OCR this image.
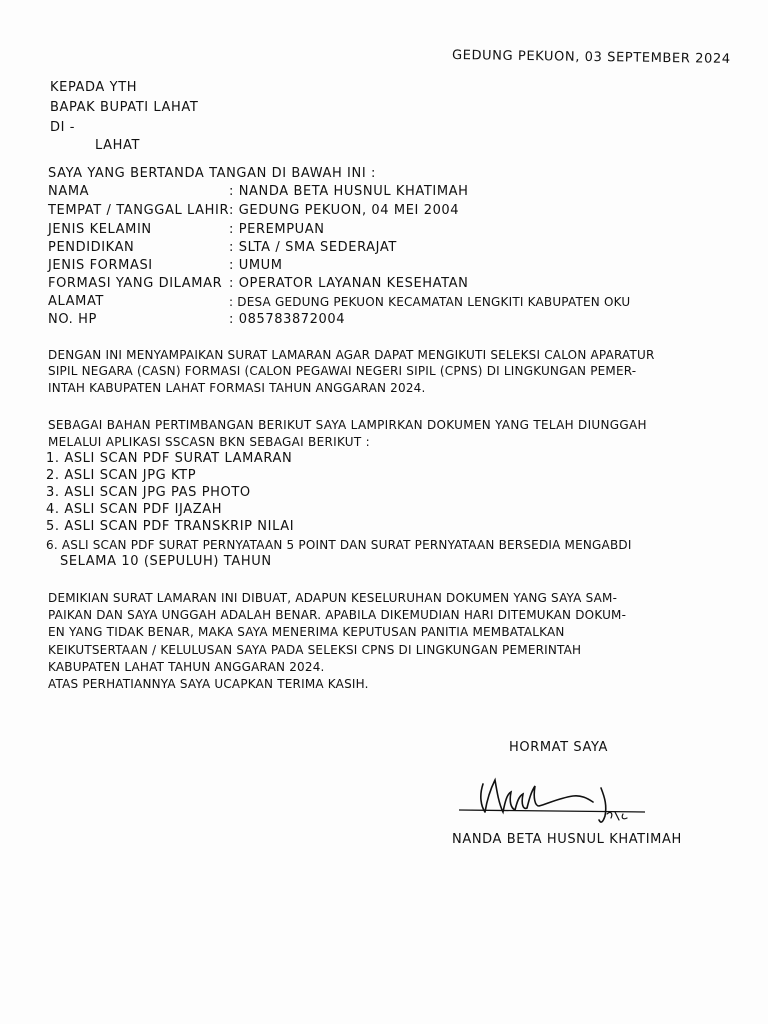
GEDUNG PEKUON, 03 SEPTEMBER 2024
KEPADA YTH
BAPAK BUPATI LAHAT
DI -
LAHAT
SAYA YANG BERTANDA TANGAN DI BAWAH INI :
NAMA	: NANDA BETA HUSNUL KHATIMAH
TEMPAT / TANGGAL LAHIR : GEDUNG PEKUON, 04 MEI 2004
JENIS KELAMIN	: PEREMPUAN
PENDIDIKAN	: SLTA / SMA SEDERAJAT
JENIS FORMASI	: UMUM
FORMASI YANG DILAMAR : OPERATOR LAYANAN KESEHATAN
ALAMAT	: DESA GEDUNG PEKUON KECAMATAN LENGKITI KABUPATEN OKU
NO. HP	: 085783872004
DENGAN INI MENYAMPAIKAN SURAT LAMARAN AGAR DAPAT MENGIKUTI SELEKSI CALON APARATUR
SIPIL NEGARA (CASN) FORMASI (CALON PEGAWAI NEGERI SIPIL (CPNS) DI LINGKUNGAN PEMER-
INTAH KABUPATEN LAHAT FORMASI TAHUN ANGGARAN 2024.
SEBAGAI BAHAN PERTIMBANGAN BERIKUT SAYA LAMPIRKAN DOKUMEN YANG TELAH DIUNGGAH
MELALUI APLIKASI SSCASN BKN SEBAGAI BERIKUT :
1. ASLI SCAN PDF SURAT LAMARAN
2. ASLI SCAN JPG KTP
3. ASLI SCAN JPG PAS PHOTO
4. ASLI SCAN PDF IJAZAH
5. ASLI SCAN PDF TRANSKRIP NILAI
6. ASLI SCAN PDF SURAT PERNYATAAN 5 POINT DAN SURAT PERNYATAAN BERSEDIA MENGABDI
SELAMA 10 (SEPULUH) TAHUN
DEMIKIAN SURAT LAMARAN INI DIBUAT, ADAPUN KESELURUHAN DOKUMEN YANG SAYA SAM-
PAIKAN DAN SAYA UNGGAH ADALAH BENAR. APABILA DIKEMUDIAN HARI DITEMUKAN DOKUM-
EN YANG TIDAK BENAR, MAKA SAYA MENERIMA KEPUTUSAN PANITIA MEMBATALKAN
KEIKUTSERTAAN / KELULUSAN SAYA PADA SELEKSI CPNS DI LINGKUNGAN PEMERINTAH
KABUPATEN LAHAT TAHUN ANGGARAN 2024.
ATAS PERHATIANNYA SAYA UCAPKAN TERIMA KASIH.
HORMAT SAYA
NANDA BETA HUSNUL KHATIMAH
